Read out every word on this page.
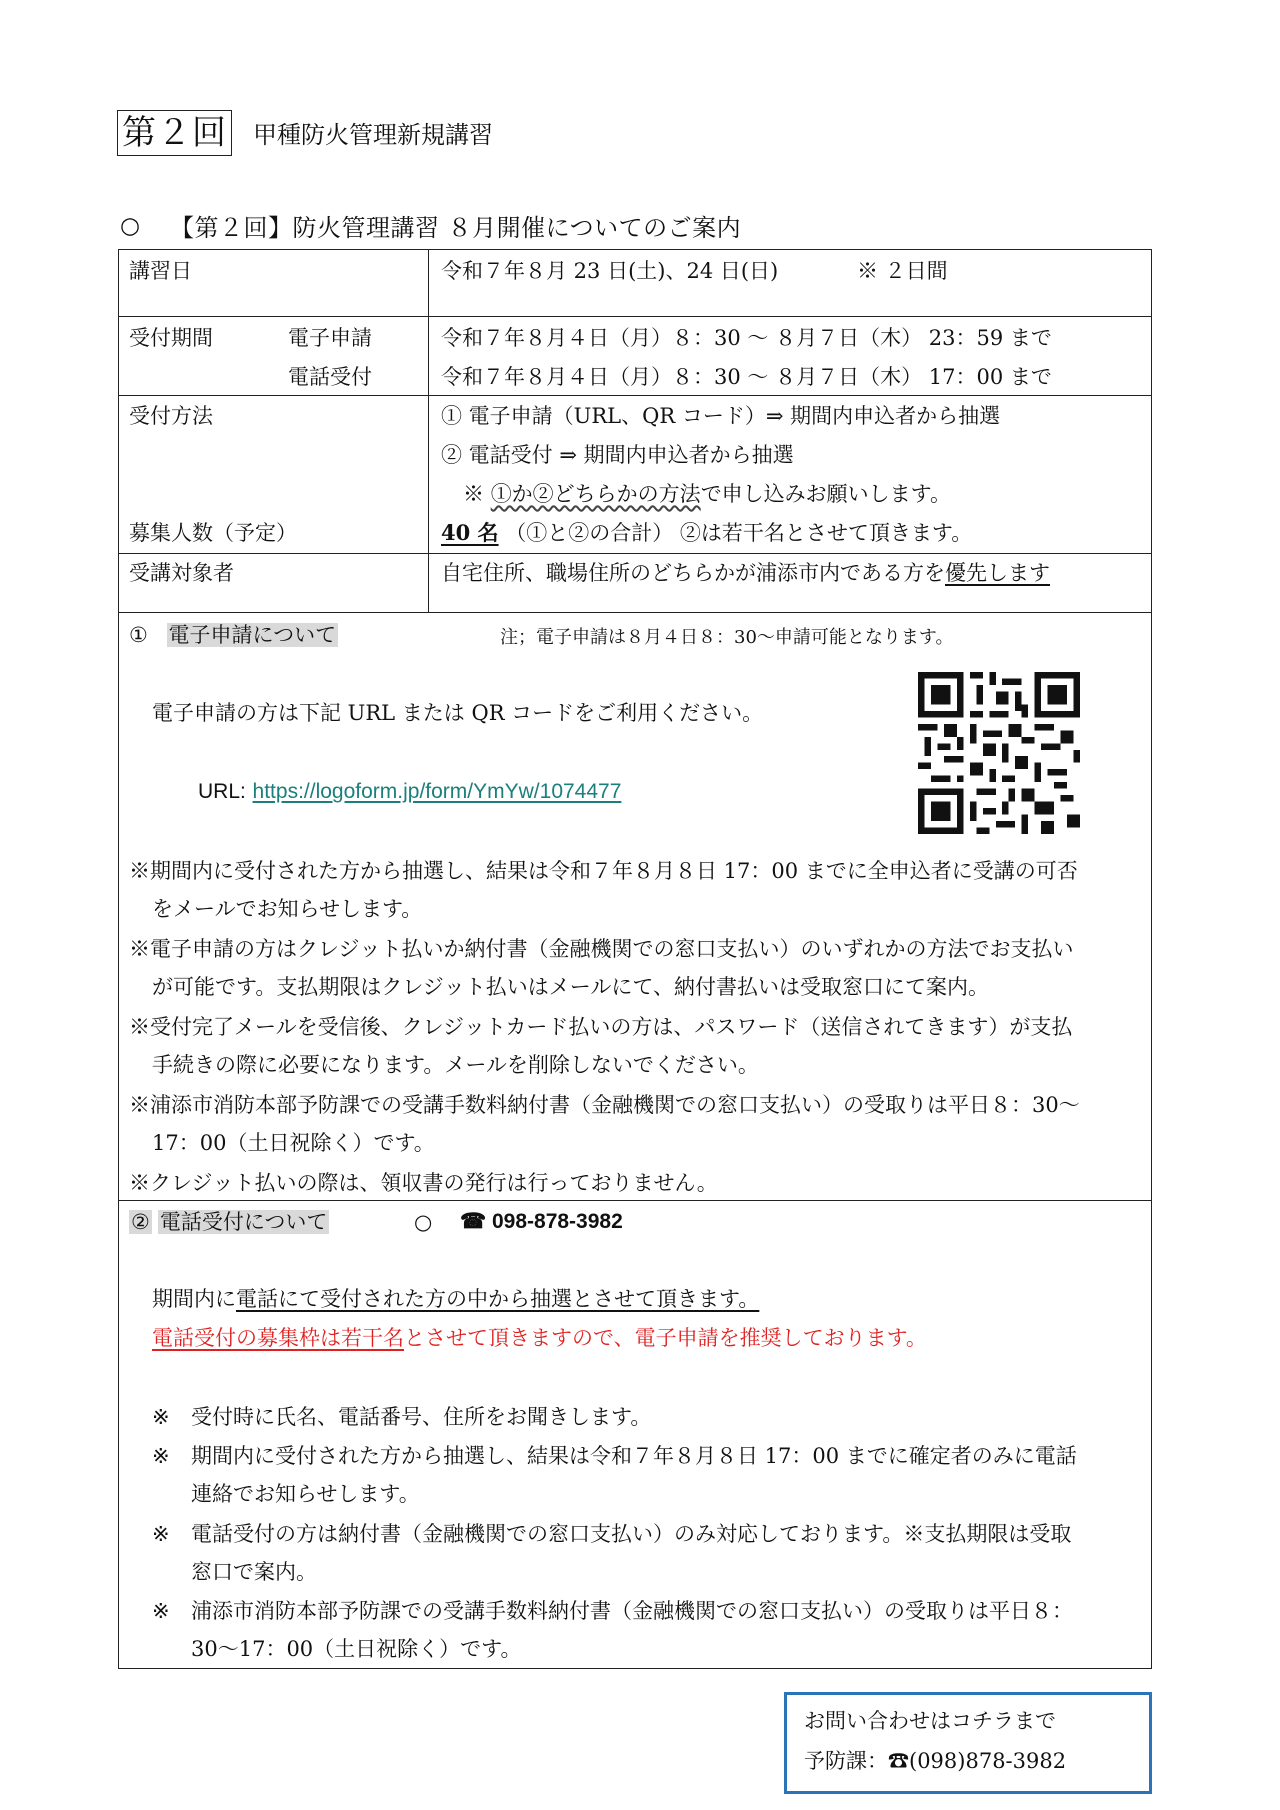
第２回 甲種防火管理新規講習
○ 【第２回】防火管理講習 ８月開催についてのご案内
講習日	令和７年８月 23 日(土)、24 日(日)	※ ２日間
受付期間	電子申請	令和７年８月４日（月）８：30 ～ ８月７日（木） 23：59 まで
電話受付	令和７年８月４日（月）８：30 ～ ８月７日（木） 17：00 まで
受付方法	① 電子申請（URL、QR コード）⇒ 期間内申込者から抽選
② 電話受付 ⇒ 期間内申込者から抽選
※ ①か②どちらかの方法で申し込みお願いします。
募集人数（予定）	40 名 （①と②の合計） ②は若干名とさせて頂きます。
受講対象者	自宅住所、職場住所のどちらかが浦添市内である方を優先します
① 電子申請について	注；電子申請は８月４日８：30～申請可能となります。
電子申請の方は下記 URL または QR コードをご利用ください。
URL: https://logoform.jp/form/YmYw/1074477
※期間内に受付された方から抽選し、結果は令和７年８月８日 17：00 までに全申込者に受講の可否
をメールでお知らせします。
※電子申請の方はクレジット払いか納付書（金融機関での窓口支払い）のいずれかの方法でお支払い
が可能です。支払期限はクレジット払いはメールにて、納付書払いは受取窓口にて案内。
※受付完了メールを受信後、クレジットカード払いの方は、パスワード（送信されてきます）が支払
手続きの際に必要になります。メールを削除しないでください。
※浦添市消防本部予防課での受講手数料納付書（金融機関での窓口支払い）の受取りは平日８：30～
17：00（土日祝除く）です。
※クレジット払いの際は、領収書の発行は行っておりません。
② 電話受付について	○ ☎ 098-878-3982
期間内に電話にて受付された方の中から抽選とさせて頂きます。
電話受付の募集枠は若干名とさせて頂きますので、電子申請を推奨しております。
※ 受付時に氏名、電話番号、住所をお聞きします。
※ 期間内に受付された方から抽選し、結果は令和７年８月８日 17：00 までに確定者のみに電話
連絡でお知らせします。
※ 電話受付の方は納付書（金融機関での窓口支払い）のみ対応しております。※支払期限は受取
窓口で案内。
※ 浦添市消防本部予防課での受講手数料納付書（金融機関での窓口支払い）の受取りは平日８：
30～17：00（土日祝除く）です。
お問い合わせはコチラまで
予防課：☎(098)878-3982
